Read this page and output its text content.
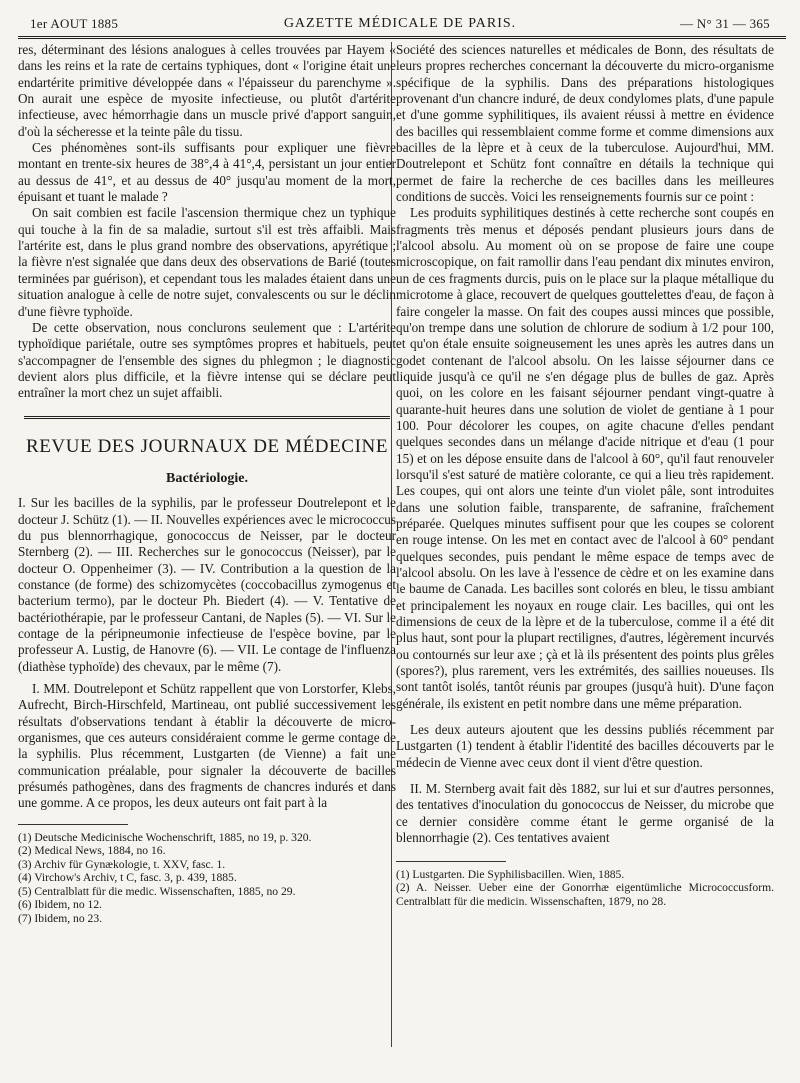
1er AOUT 1885	GAZETTE MÉDICALE DE PARIS.	— N° 31 — 365

res, déterminant des lésions analogues à celles trouvées par Hayem « dans les reins et la rate de certains typhiques, dont « l'origine était une endartérite primitive développée dans « l'épaisseur du parenchyme ». On aurait une espèce de myosite infectieuse, ou plutôt d'artérite infectieuse, avec hémorrhagie dans un muscle privé d'apport sanguin, d'où la sécheresse et la teinte pâle du tissu.

Ces phénomènes sont-ils suffisants pour expliquer une fièvre montant en trente-six heures de 38°,4 à 41°,4, persistant un jour entier au dessus de 41°, et au dessus de 40° jusqu'au moment de la mort, épuisant et tuant le malade ?

On sait combien est facile l'ascension thermique chez un typhique qui touche à la fin de sa maladie, surtout s'il est très affaibli. Mais l'artérite est, dans le plus grand nombre des observations, apyrétique ; la fièvre n'est signalée que dans deux des observations de Barié (toutes terminées par guérison), et cependant tous les malades étaient dans une situation analogue à celle de notre sujet, convalescents ou sur le déclin d'une fièvre typhoïde.

De cette observation, nous conclurons seulement que : L'artérite typhoïdique pariétale, outre ses symptômes propres et habituels, peut s'accompagner de l'ensemble des signes du phlegmon ; le diagnostic devient alors plus difficile, et la fièvre intense qui se déclare peut entraîner la mort chez un sujet affaibli.

REVUE DES JOURNAUX DE MÉDECINE
Bactériologie.

I. Sur les bacilles de la syphilis, par le professeur Doutrelepont et le docteur J. Schütz (1). — II. Nouvelles expériences avec le micrococcus du pus blennorrhagique, gonococcus de Neisser, par le docteur Sternberg (2). — III. Recherches sur le gonococcus (Neisser), par le docteur O. Oppenheimer (3). — IV. Contribution a la question de la constance (de forme) des schizomycètes (coccobacillus zymogenus et bacterium termo), par le docteur Ph. Biedert (4). — V. Tentative de bactériothérapie, par le professeur Cantani, de Naples (5). — VI. Sur le contage de la péripneumonie infectieuse de l'espèce bovine, par le professeur A. Lustig, de Hanovre (6). — VII. Le contage de l'influenza (diathèse typhoïde) des chevaux, par le même (7).

I. MM. Doutrelepont et Schütz rappellent que von Lorstorfer, Klebs, Aufrecht, Birch-Hirschfeld, Martineau, ont publié successivement les résultats d'observations tendant à établir la découverte de micro-organismes, que ces auteurs considéraient comme le germe contage de la syphilis. Plus récemment, Lustgarten (de Vienne) a fait une communication préalable, pour signaler la découverte de bacilles présumés pathogènes, dans des fragments de chancres indurés et dans une gomme. A ce propos, les deux auteurs ont fait part à la

(1) Deutsche Medicinische Wochenschrift, 1885, no 19, p. 320.
(2) Medical News, 1884, no 16.
(3) Archiv für Gynækologie, t. XXV, fasc. 1.
(4) Virchow's Archiv, t C, fasc. 3, p. 439, 1885.
(5) Centralblatt für die medic. Wissenschaften, 1885, no 29.
(6) Ibidem, no 12.
(7) Ibidem, no 23.

Société des sciences naturelles et médicales de Bonn, des résultats de leurs propres recherches concernant la découverte du micro-organisme spécifique de la syphilis. Dans des préparations histologiques provenant d'un chancre induré, de deux condylomes plats, d'une papule et d'une gomme syphilitiques, ils avaient réussi à mettre en évidence des bacilles qui ressemblaient comme forme et comme dimensions aux bacilles de la lèpre et à ceux de la tuberculose. Aujourd'hui, MM. Doutrelepont et Schütz font connaître en détails la technique qui permet de faire la recherche de ces bacilles dans les meilleures conditions de succès. Voici les renseignements fournis sur ce point :

Les produits syphilitiques destinés à cette recherche sont coupés en fragments très menus et déposés pendant plusieurs jours dans de l'alcool absolu. Au moment où on se propose de faire une coupe microscopique, on fait ramollir dans l'eau pendant dix minutes environ, un de ces fragments durcis, puis on le place sur la plaque métallique du microtome à glace, recouvert de quelques gouttelettes d'eau, de façon à faire congeler la masse. On fait des coupes aussi minces que possible, qu'on trempe dans une solution de chlorure de sodium à 1/2 pour 100, et qu'on étale ensuite soigneusement les unes après les autres dans un godet contenant de l'alcool absolu. On les laisse séjourner dans ce liquide jusqu'à ce qu'il ne s'en dégage plus de bulles de gaz. Après quoi, on les colore en les faisant séjourner pendant vingt-quatre à quarante-huit heures dans une solution de violet de gentiane à 1 pour 100. Pour décolorer les coupes, on agite chacune d'elles pendant quelques secondes dans un mélange d'acide nitrique et d'eau (1 pour 15) et on les dépose ensuite dans de l'alcool à 60°, qu'il faut renouveler lorsqu'il s'est saturé de matière colorante, ce qui a lieu très rapidement. Les coupes, qui ont alors une teinte d'un violet pâle, sont introduites dans une solution faible, transparente, de safranine, fraîchement préparée. Quelques minutes suffisent pour que les coupes se colorent en rouge intense. On les met en contact avec de l'alcool à 60° pendant quelques secondes, puis pendant le même espace de temps avec de l'alcool absolu. On les lave à l'essence de cèdre et on les examine dans le baume de Canada. Les bacilles sont colorés en bleu, le tissu ambiant et principalement les noyaux en rouge clair. Les bacilles, qui ont les dimensions de ceux de la lèpre et de la tuberculose, comme il a été dit plus haut, sont pour la plupart rectilignes, d'autres, légèrement incurvés ou contournés sur leur axe ; çà et là ils présentent des points plus grêles (spores?), plus rarement, vers les extrémités, des saillies noueuses. Ils sont tantôt isolés, tantôt réunis par groupes (jusqu'à huit). D'une façon générale, ils existent en petit nombre dans une même préparation.

Les deux auteurs ajoutent que les dessins publiés récemment par Lustgarten (1) tendent à établir l'identité des bacilles découverts par le médecin de Vienne avec ceux dont il vient d'être question.

II. M. Sternberg avait fait dès 1882, sur lui et sur d'autres personnes, des tentatives d'inoculation du gonococcus de Neisser, du microbe que ce dernier considère comme étant le germe organisé de la blennorrhagie (2). Ces tentatives avaient

(1) Lustgarten. Die Syphilisbacillen. Wien, 1885.
(2) A. Neisser. Ueber eine der Gonorrhæ eigentümliche Micrococcusform. Centralblatt für die medicin. Wissenschaften, 1879, no 28.
